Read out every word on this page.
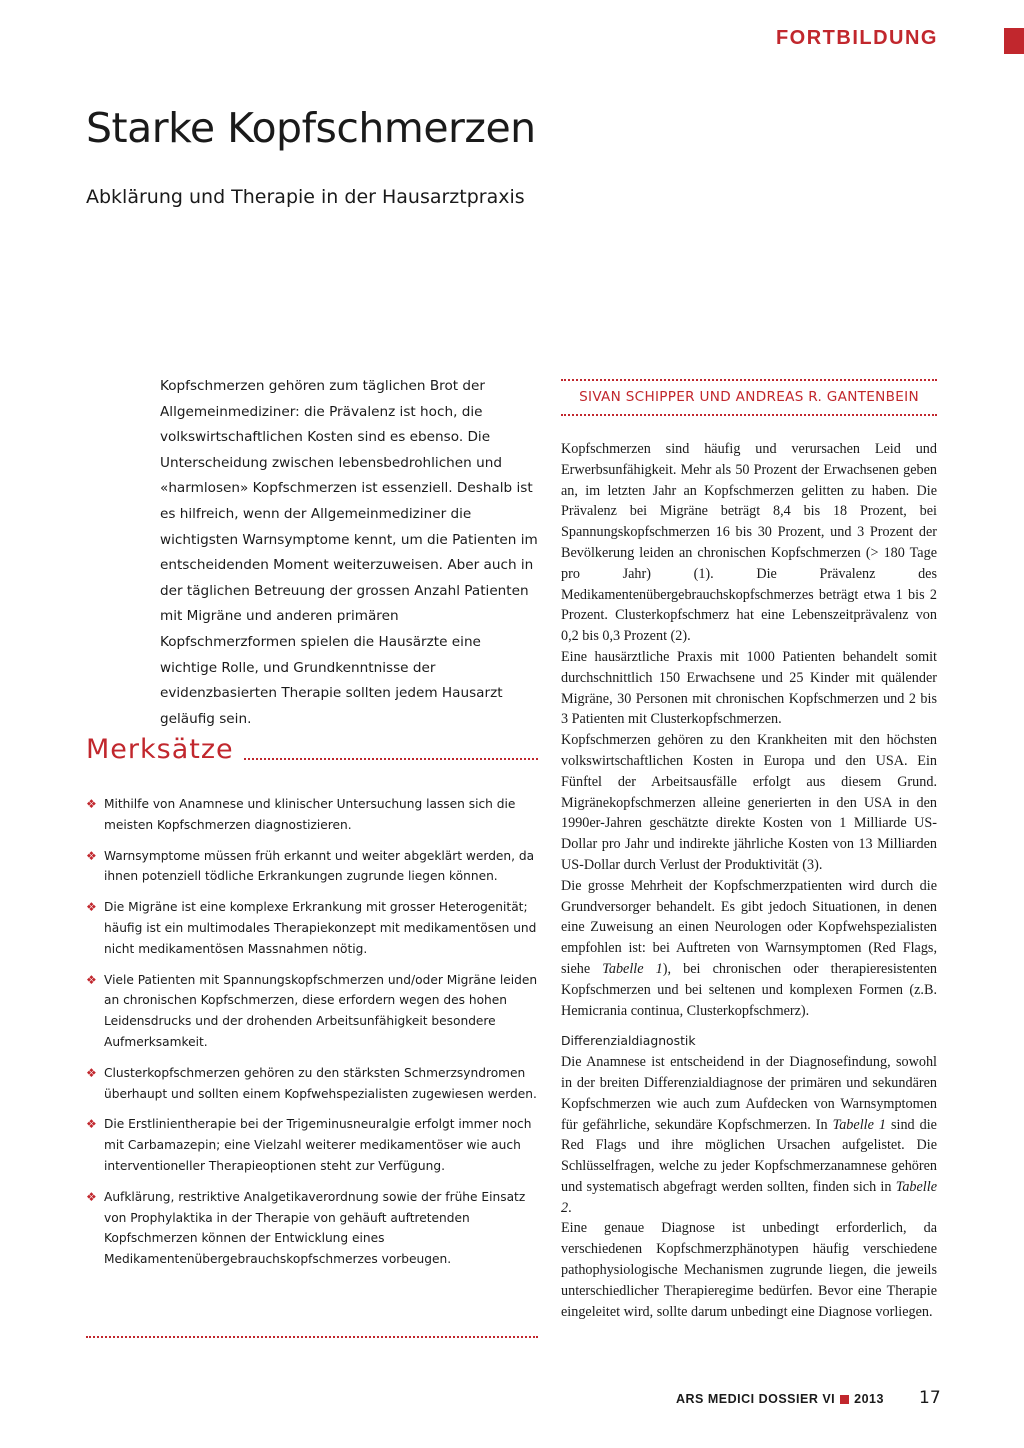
FORTBILDUNG
Starke Kopfschmerzen
Abklärung und Therapie in der Hausarztpraxis

Kopfschmerzen gehören zum täglichen Brot der Allgemeinmediziner: die Prävalenz ist hoch, die volkswirtschaftlichen Kosten sind es ebenso. Die Unterscheidung zwischen lebensbedrohlichen und «harmlosen» Kopfschmerzen ist essenziell. Deshalb ist es hilfreich, wenn der Allgemeinmediziner die wichtigsten Warnsymptome kennt, um die Patienten im entscheidenden Moment weiterzuweisen. Aber auch in der täglichen Betreuung der grossen Anzahl Patienten mit Migräne und anderen primären Kopfschmerzformen spielen die Hausärzte eine wichtige Rolle, und Grundkenntnisse der evidenzbasierten Therapie sollten jedem Hausarzt geläufig sein.

Merksätze
❖ Mithilfe von Anamnese und klinischer Untersuchung lassen sich die meisten Kopfschmerzen diagnostizieren.
❖ Warnsymptome müssen früh erkannt und weiter abgeklärt werden, da ihnen potenziell tödliche Erkrankungen zugrunde liegen können.
❖ Die Migräne ist eine komplexe Erkrankung mit grosser Heterogenität; häufig ist ein multimodales Therapiekonzept mit medikamentösen und nicht medikamentösen Massnahmen nötig.
❖ Viele Patienten mit Spannungskopfschmerzen und/oder Migräne leiden an chronischen Kopfschmerzen, diese erfordern wegen des hohen Leidensdrucks und der drohenden Arbeitsunfähigkeit besondere Aufmerksamkeit.
❖ Clusterkopfschmerzen gehören zu den stärksten Schmerzsyndromen überhaupt und sollten einem Kopfwehspezialisten zugewiesen werden.
❖ Die Erstlinientherapie bei der Trigeminusneuralgie erfolgt immer noch mit Carbamazepin; eine Vielzahl weiterer medikamentöser wie auch interventioneller Therapieoptionen steht zur Verfügung.
❖ Aufklärung, restriktive Analgetikaverordnung sowie der frühe Einsatz von Prophylaktika in der Therapie von gehäuft auftretenden Kopfschmerzen können der Entwicklung eines Medikamentenübergebrauchskopfschmerzes vorbeugen.
SIVAN SCHIPPER UND ANDREAS R. GANTENBEIN

Kopfschmerzen sind häufig und verursachen Leid und Erwerbsunfähigkeit. Mehr als 50 Prozent der Erwachsenen geben an, im letzten Jahr an Kopfschmerzen gelitten zu haben. Die Prävalenz bei Migräne beträgt 8,4 bis 18 Prozent, bei Spannungskopfschmerzen 16 bis 30 Prozent, und 3 Prozent der Bevölkerung leiden an chronischen Kopfschmerzen (> 180 Tage pro Jahr) (1). Die Prävalenz des Medikamentenübergebrauchskopfschmerzes beträgt etwa 1 bis 2 Prozent. Clusterkopfschmerz hat eine Lebenszeitprävalenz von 0,2 bis 0,3 Prozent (2).

Eine hausärztliche Praxis mit 1000 Patienten behandelt somit durchschnittlich 150 Erwachsene und 25 Kinder mit quälender Migräne, 30 Personen mit chronischen Kopfschmerzen und 2 bis 3 Patienten mit Clusterkopfschmerzen.

Kopfschmerzen gehören zu den Krankheiten mit den höchsten volkswirtschaftlichen Kosten in Europa und den USA. Ein Fünftel der Arbeitsausfälle erfolgt aus diesem Grund. Migränekopfschmerzen alleine generierten in den USA in den 1990er-Jahren geschätzte direkte Kosten von 1 Milliarde US-Dollar pro Jahr und indirekte jährliche Kosten von 13 Milliarden US-Dollar durch Verlust der Produktivität (3).

Die grosse Mehrheit der Kopfschmerzpatienten wird durch die Grundversorger behandelt. Es gibt jedoch Situationen, in denen eine Zuweisung an einen Neurologen oder Kopfwehspezialisten empfohlen ist: bei Auftreten von Warnsymptomen (Red Flags, siehe Tabelle 1), bei chronischen oder therapieresistenten Kopfschmerzen und bei seltenen und komplexen Formen (z.B. Hemicrania continua, Clusterkopfschmerz).

Differenzialdiagnostik

Die Anamnese ist entscheidend in der Diagnosefindung, sowohl in der breiten Differenzialdiagnose der primären und sekundären Kopfschmerzen wie auch zum Aufdecken von Warnsymptomen für gefährliche, sekundäre Kopfschmerzen. In Tabelle 1 sind die Red Flags und ihre möglichen Ursachen aufgelistet. Die Schlüsselfragen, welche zu jeder Kopfschmerzanamnese gehören und systematisch abgefragt werden sollten, finden sich in Tabelle 2.

Eine genaue Diagnose ist unbedingt erforderlich, da verschiedenen Kopfschmerzphänotypen häufig verschiedene pathophysiologische Mechanismen zugrunde liegen, die jeweils unterschiedlicher Therapieregime bedürfen. Bevor eine Therapie eingeleitet wird, sollte darum unbedingt eine Diagnose vorliegen.

ARS MEDICI DOSSIER VI 2013 17
